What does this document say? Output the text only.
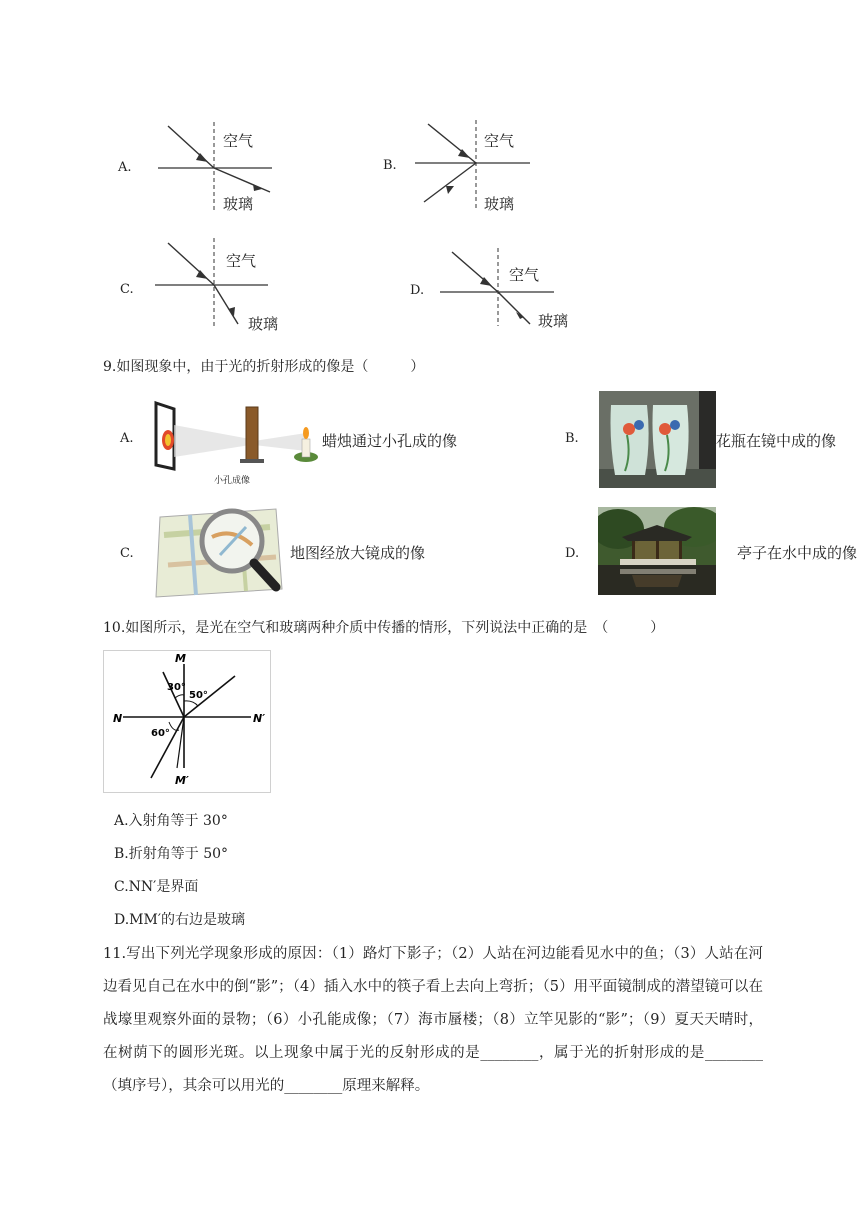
A.
空气
玻璃
B.
空气
玻璃
C.
空气
玻璃
D.
空气
玻璃
9.如图现象中，由于光的折射形成的像是（　　　）
A.
小孔成像
蜡烛通过小孔成的像	B.	花瓶在镜中成的像
C.	地图经放大镜成的像	D.	亭子在水中成的像
10.如图所示，是光在空气和玻璃两种介质中传播的情形，下列说法中正确的是　（　　　）
M
M′
N	N′
30°
50°
60°
A.入射角等于 30°
B.折射角等于 50°
C.NN′是界面
D.MM′的右边是玻璃
11.写出下列光学现象形成的原因：（1）路灯下影子；（2）人站在河边能看见水中的鱼；（3）人站在河边看见自己在水中的倒“影”；（4）插入水中的筷子看上去向上弯折；（5）用平面镜制成的潜望镜可以在战壕里观察外面的景物；（6）小孔能成像；（7）海市蜃楼；（8）立竿见影的“影”；（9）夏天天晴时，在树荫下的圆形光斑。以上现象中属于光的反射形成的是________，属于光的折射形成的是________（填序号），其余可以用光的________原理来解释。
